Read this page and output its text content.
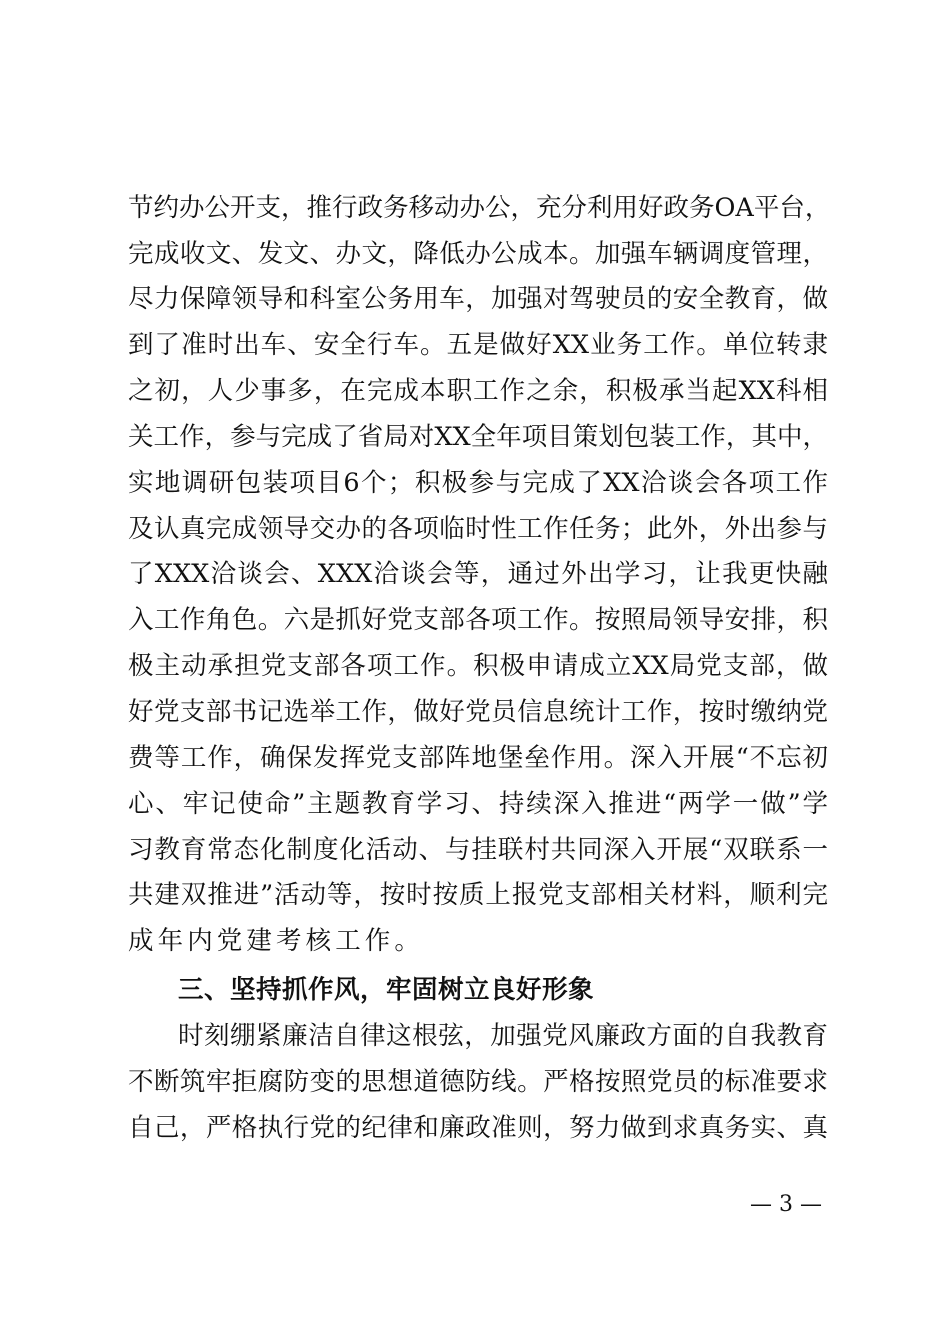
节约办公开支，推行政务移动办公，充分利用好政务OA平台，
完成收文、发文、办文，降低办公成本。加强车辆调度管理，
尽力保障领导和科室公务用车，加强对驾驶员的安全教育，做
到了准时出车、安全行车。五是做好XX业务工作。单位转隶
之初，人少事多，在完成本职工作之余，积极承当起XX科相
关工作，参与完成了省局对XX全年项目策划包装工作，其中，
实地调研包装项目6个；积极参与完成了XX洽谈会各项工作
及认真完成领导交办的各项临时性工作任务；此外，外出参与
了XXX洽谈会、XXX洽谈会等，通过外出学习，让我更快融
入工作角色。六是抓好党支部各项工作。按照局领导安排，积
极主动承担党支部各项工作。积极申请成立XX局党支部，做
好党支部书记选举工作，做好党员信息统计工作，按时缴纳党
费等工作，确保发挥党支部阵地堡垒作用。深入开展“不忘初
心、牢记使命”主题教育学习、持续深入推进“两学一做”学
习教育常态化制度化活动、与挂联村共同深入开展“双联系一
共建双推进”活动等，按时按质上报党支部相关材料，顺利完
成年内党建考核工作。
三、坚持抓作风，牢固树立良好形象
时刻绷紧廉洁自律这根弦，加强党风廉政方面的自我教育
不断筑牢拒腐防变的思想道德防线。严格按照党员的标准要求
自己，严格执行党的纪律和廉政准则，努力做到求真务实、真
— 3 —
